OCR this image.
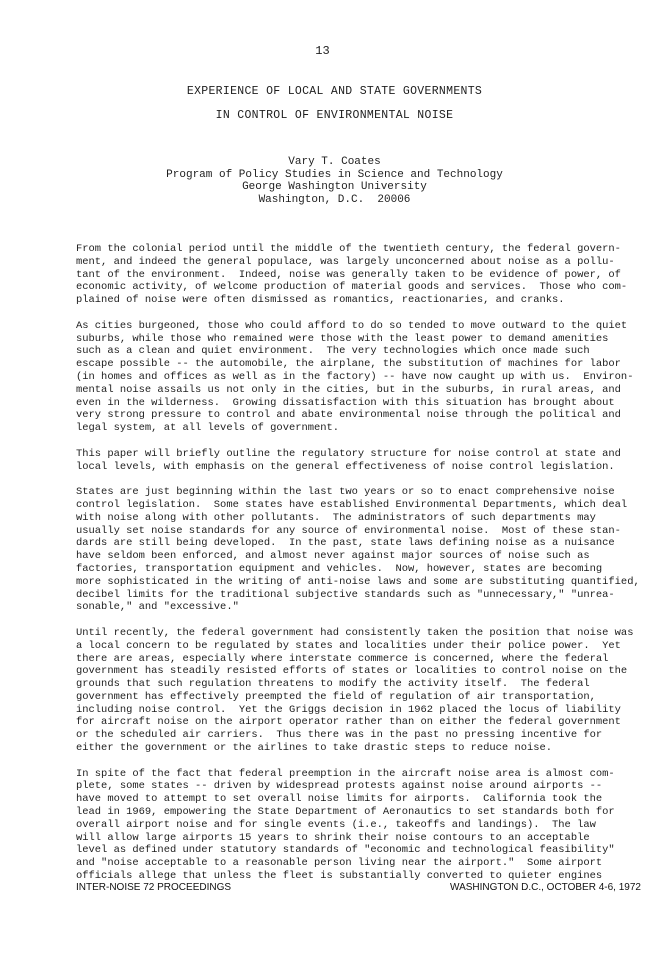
13
EXPERIENCE OF LOCAL AND STATE GOVERNMENTS
IN CONTROL OF ENVIRONMENTAL NOISE
Vary T. Coates
Program of Policy Studies in Science and Technology
George Washington University
Washington, D.C.  20006
From the colonial period until the middle of the twentieth century, the federal govern-
ment, and indeed the general populace, was largely unconcerned about noise as a pollu-
tant of the environment.  Indeed, noise was generally taken to be evidence of power, of
economic activity, of welcome production of material goods and services.  Those who com-
plained of noise were often dismissed as romantics, reactionaries, and cranks.
As cities burgeoned, those who could afford to do so tended to move outward to the quiet
suburbs, while those who remained were those with the least power to demand amenities
such as a clean and quiet environment.  The very technologies which once made such
escape possible -- the automobile, the airplane, the substitution of machines for labor
(in homes and offices as well as in the factory) -- have now caught up with us.  Environ-
mental noise assails us not only in the cities, but in the suburbs, in rural areas, and
even in the wilderness.  Growing dissatisfaction with this situation has brought about
very strong pressure to control and abate environmental noise through the political and
legal system, at all levels of government.
This paper will briefly outline the regulatory structure for noise control at state and
local levels, with emphasis on the general effectiveness of noise control legislation.
States are just beginning within the last two years or so to enact comprehensive noise
control legislation.  Some states have established Environmental Departments, which deal
with noise along with other pollutants.  The administrators of such departments may
usually set noise standards for any source of environmental noise.  Most of these stan-
dards are still being developed.  In the past, state laws defining noise as a nuisance
have seldom been enforced, and almost never against major sources of noise such as
factories, transportation equipment and vehicles.  Now, however, states are becoming
more sophisticated in the writing of anti-noise laws and some are substituting quantified,
decibel limits for the traditional subjective standards such as "unnecessary," "unrea-
sonable," and "excessive."
Until recently, the federal government had consistently taken the position that noise was
a local concern to be regulated by states and localities under their police power.  Yet
there are areas, especially where interstate commerce is concerned, where the federal
government has steadily resisted efforts of states or localities to control noise on the
grounds that such regulation threatens to modify the activity itself.  The federal
government has effectively preempted the field of regulation of air transportation,
including noise control.  Yet the Griggs decision in 1962 placed the locus of liability
for aircraft noise on the airport operator rather than on either the federal government
or the scheduled air carriers.  Thus there was in the past no pressing incentive for
either the government or the airlines to take drastic steps to reduce noise.
In spite of the fact that federal preemption in the aircraft noise area is almost com-
plete, some states -- driven by widespread protests against noise around airports --
have moved to attempt to set overall noise limits for airports.  California took the
lead in 1969, empowering the State Department of Aeronautics to set standards both for
overall airport noise and for single events (i.e., takeoffs and landings).  The law
will allow large airports 15 years to shrink their noise contours to an acceptable
level as defined under statutory standards of "economic and technological feasibility"
and "noise acceptable to a reasonable person living near the airport."  Some airport
officials allege that unless the fleet is substantially converted to quieter engines
INTER-NOISE 72 PROCEEDINGS	WASHINGTON D.C., OCTOBER 4-6, 1972
